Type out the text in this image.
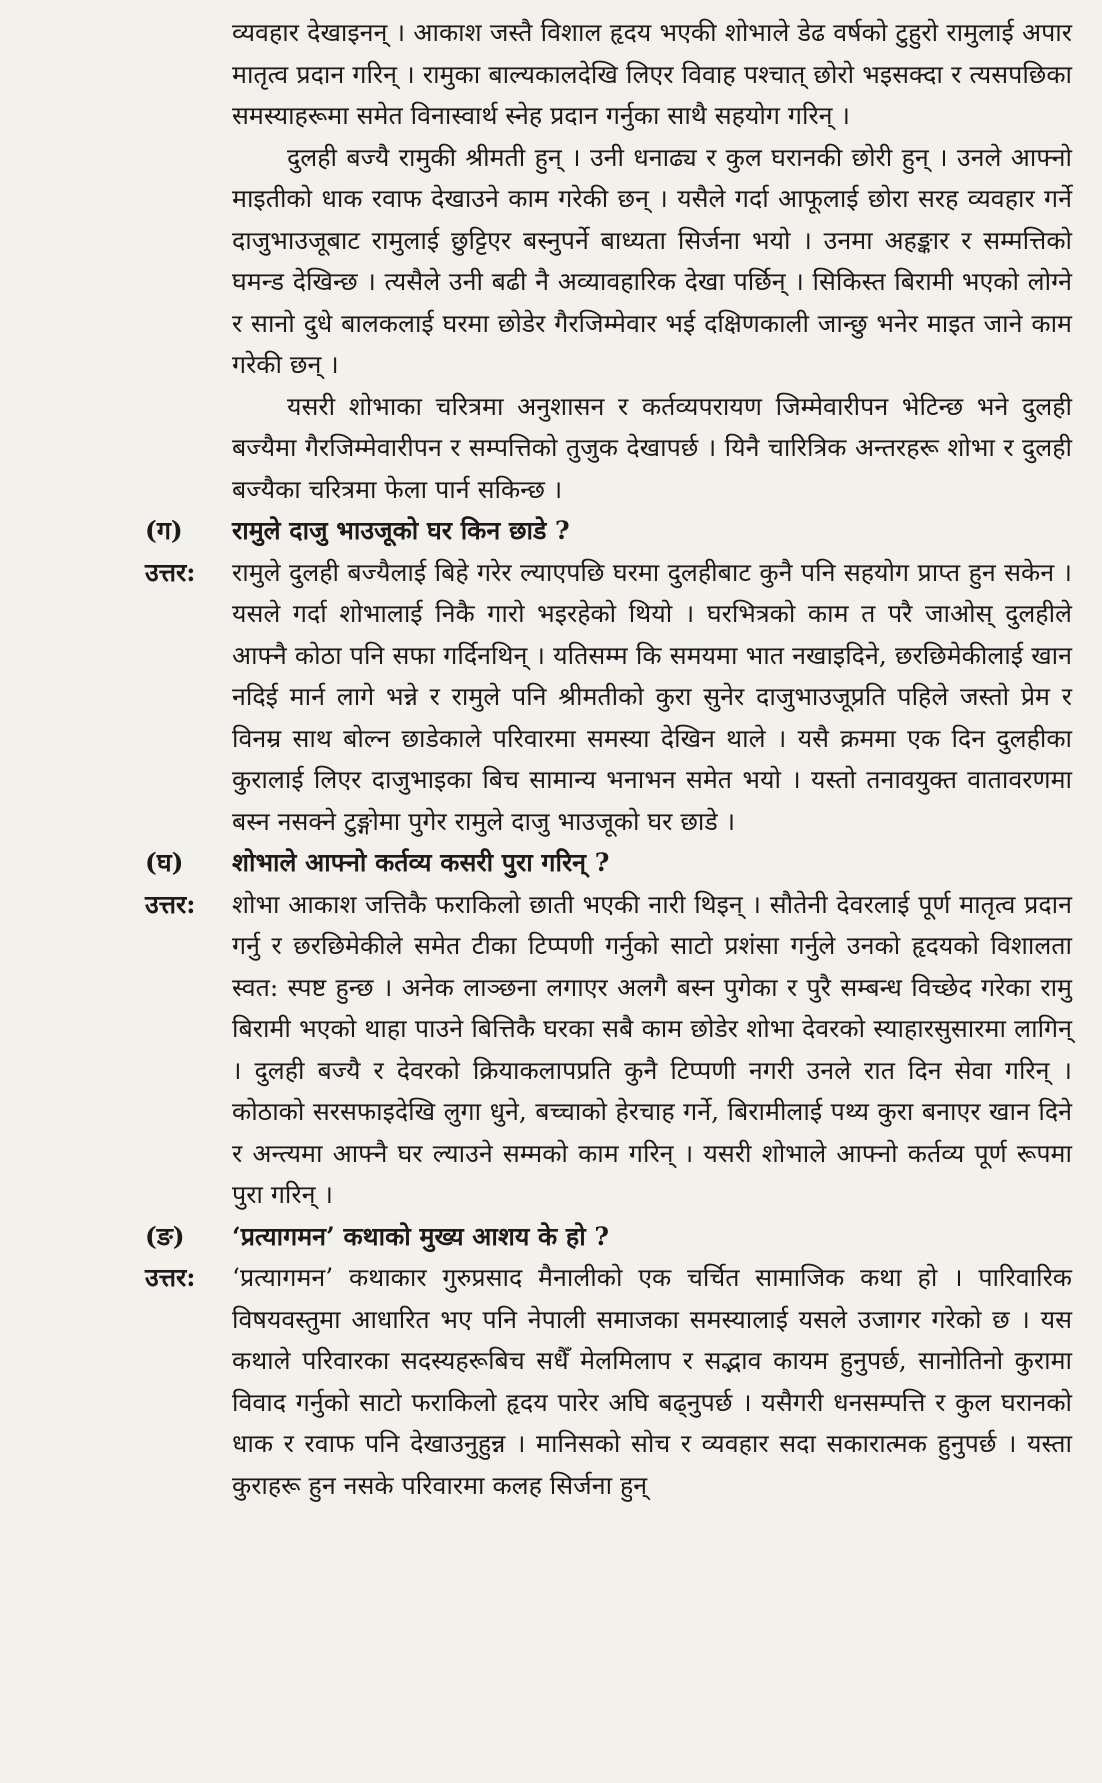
व्यवहार देखाइनन् । आकाश जस्तै विशाल हृदय भएकी शोभाले डेढ वर्षको टुहुरो रामुलाई अपार मातृत्व प्रदान गरिन् । रामुका बाल्यकालदेखि लिएर विवाह पश्चात् छोरो भइसक्दा र त्यसपछिका समस्याहरूमा समेत विनास्वार्थ स्नेह प्रदान गर्नुका साथै सहयोग गरिन् ।

दुलही बज्यै रामुकी श्रीमती हुन् । उनी धनाढ्य र कुल घरानकी छोरी हुन् । उनले आफ्नो माइतीको धाक रवाफ देखाउने काम गरेकी छन् । यसैले गर्दा आफूलाई छोरा सरह व्यवहार गर्ने दाजुभाउजूबाट रामुलाई छुट्टिएर बस्नुपर्ने बाध्यता सिर्जना भयो । उनमा अहङ्कार र सम्मत्तिको घमन्ड देखिन्छ । त्यसैले उनी बढी नै अव्यावहारिक देखा पर्छिन् । सिकिस्त बिरामी भएको लोग्ने र सानो दुधे बालकलाई घरमा छोडेर गैरजिम्मेवार भई दक्षिणकाली जान्छु भनेर माइत जाने काम गरेकी छन् ।

यसरी शोभाका चरित्रमा अनुशासन र कर्तव्यपरायण जिम्मेवारीपन भेटिन्छ भने दुलही बज्यैमा गैरजिम्मेवारीपन र सम्पत्तिको तुजुक देखापर्छ । यिनै चारित्रिक अन्तरहरू शोभा र दुलही बज्यैका चरित्रमा फेला पार्न सकिन्छ ।

(ग)	रामुले दाजु भाउजूको घर किन छाडे ?
उत्तर:	रामुले दुलही बज्यैलाई बिहे गरेर ल्याएपछि घरमा दुलहीबाट कुनै पनि सहयोग प्राप्त हुन सकेन । यसले गर्दा शोभालाई निकै गारो भइरहेको थियो । घरभित्रको काम त परै जाओस् दुलहीले आफ्नै कोठा पनि सफा गर्दिनथिन् । यतिसम्म कि समयमा भात नखाइदिने, छरछिमेकीलाई खान नदिई मार्न लागे भन्ने र रामुले पनि श्रीमतीको कुरा सुनेर दाजुभाउजूप्रति पहिले जस्तो प्रेम र विनम्र साथ बोल्न छाडेकाले परिवारमा समस्या देखिन थाले । यसै क्रममा एक दिन दुलहीका कुरालाई लिएर दाजुभाइका बिच सामान्य भनाभन समेत भयो । यस्तो तनावयुक्त वातावरणमा बस्न नसक्ने टुङ्गोमा पुगेर रामुले दाजु भाउजूको घर छाडे ।
(घ)	शोभाले आफ्नो कर्तव्य कसरी पुरा गरिन् ?
उत्तर:	शोभा आकाश जत्तिकै फराकिलो छाती भएकी नारी थिइन् । सौतेनी देवरलाई पूर्ण मातृत्व प्रदान गर्नु र छरछिमेकीले समेत टीका टिप्पणी गर्नुको साटो प्रशंसा गर्नुले उनको हृदयको विशालता स्वत: स्पष्ट हुन्छ । अनेक लाञ्छना लगाएर अलगै बस्न पुगेका र पुरै सम्बन्ध विच्छेद गरेका रामु बिरामी भएको थाहा पाउने बित्तिकै घरका सबै काम छोडेर शोभा देवरको स्याहारसुसारमा लागिन् । दुलही बज्यै र देवरको क्रियाकलापप्रति कुनै टिप्पणी नगरी उनले रात दिन सेवा गरिन् । कोठाको सरसफाइदेखि लुगा धुने, बच्चाको हेरचाह गर्ने, बिरामीलाई पथ्य कुरा बनाएर खान दिने र अन्त्यमा आफ्नै घर ल्याउने सम्मको काम गरिन् । यसरी शोभाले आफ्नो कर्तव्य पूर्ण रूपमा पुरा गरिन् ।
(ङ)	‘प्रत्यागमन’ कथाको मुख्य आशय के हो ?
उत्तर:	‘प्रत्यागमन’ कथाकार गुरुप्रसाद मैनालीको एक चर्चित सामाजिक कथा हो । पारिवारिक विषयवस्तुमा आधारित भए पनि नेपाली समाजका समस्यालाई यसले उजागर गरेको छ । यस कथाले परिवारका सदस्यहरूबिच सधैँ मेलमिलाप र सद्भाव कायम हुनुपर्छ, सानोतिनो कुरामा विवाद गर्नुको साटो फराकिलो हृदय पारेर अघि बढ्नुपर्छ । यसैगरी धनसम्पत्ति र कुल घरानको धाक र रवाफ पनि देखाउनुहुन्न । मानिसको सोच र व्यवहार सदा सकारात्मक हुनुपर्छ । यस्ता कुराहरू हुन नसके परिवारमा कलह सिर्जना हुन्
